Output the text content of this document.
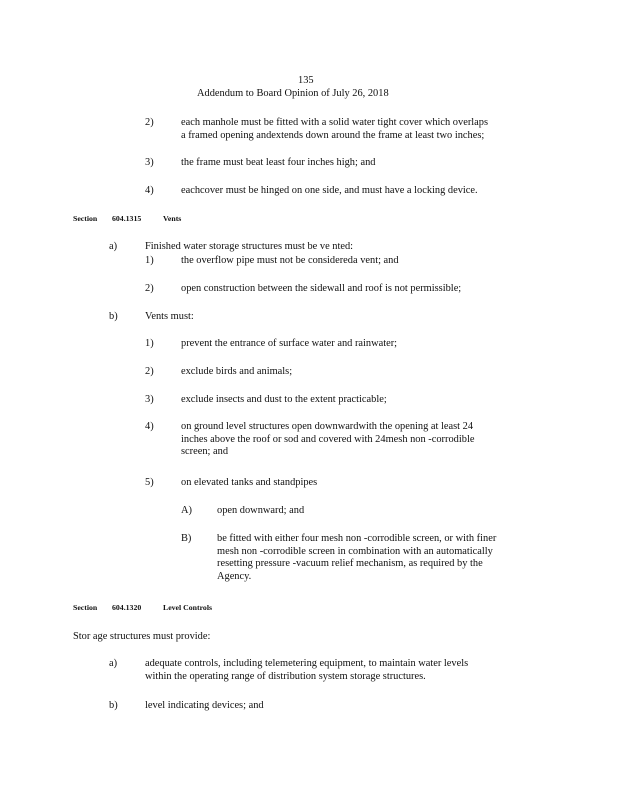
135
Addendum to Board Opinion of July 26, 2018
2)	each manhole must be fitted with a solid water tight cover which overlaps
a framed opening andextends down around the frame at least two inches;
3)	the frame must beat least four inches high; and
4)	eachcover must be hinged on one side, and must have a locking device.
Section 604.1315	Vents
a)	Finished water storage structures must be ve nted:
1)	the overflow pipe must not be considereda vent; and
2)	open construction between the sidewall and roof is not permissible;
b)	Vents must:
1)	prevent the entrance of surface water and rainwater;
2)	exclude birds and animals;
3)	exclude insects and dust to the extent practicable;
4)	on ground level structures open downwardwith the opening at least 24
inches above the roof or sod and covered with 24mesh non -corrodible
screen; and
5)	on elevated tanks and standpipes
A) open downward; and
B) be fitted with either four mesh non -corrodible screen, or with finer
mesh non -corrodible screen in combination with an automatically
resetting pressure -vacuum relief mechanism, as required by the
Agency.
Section 604.1320	Level Controls
Stor age structures must provide:
a)	adequate controls, including telemetering equipment, to maintain water levels
within the operating range of distribution system storage structures.
b)	level indicating devices; and
